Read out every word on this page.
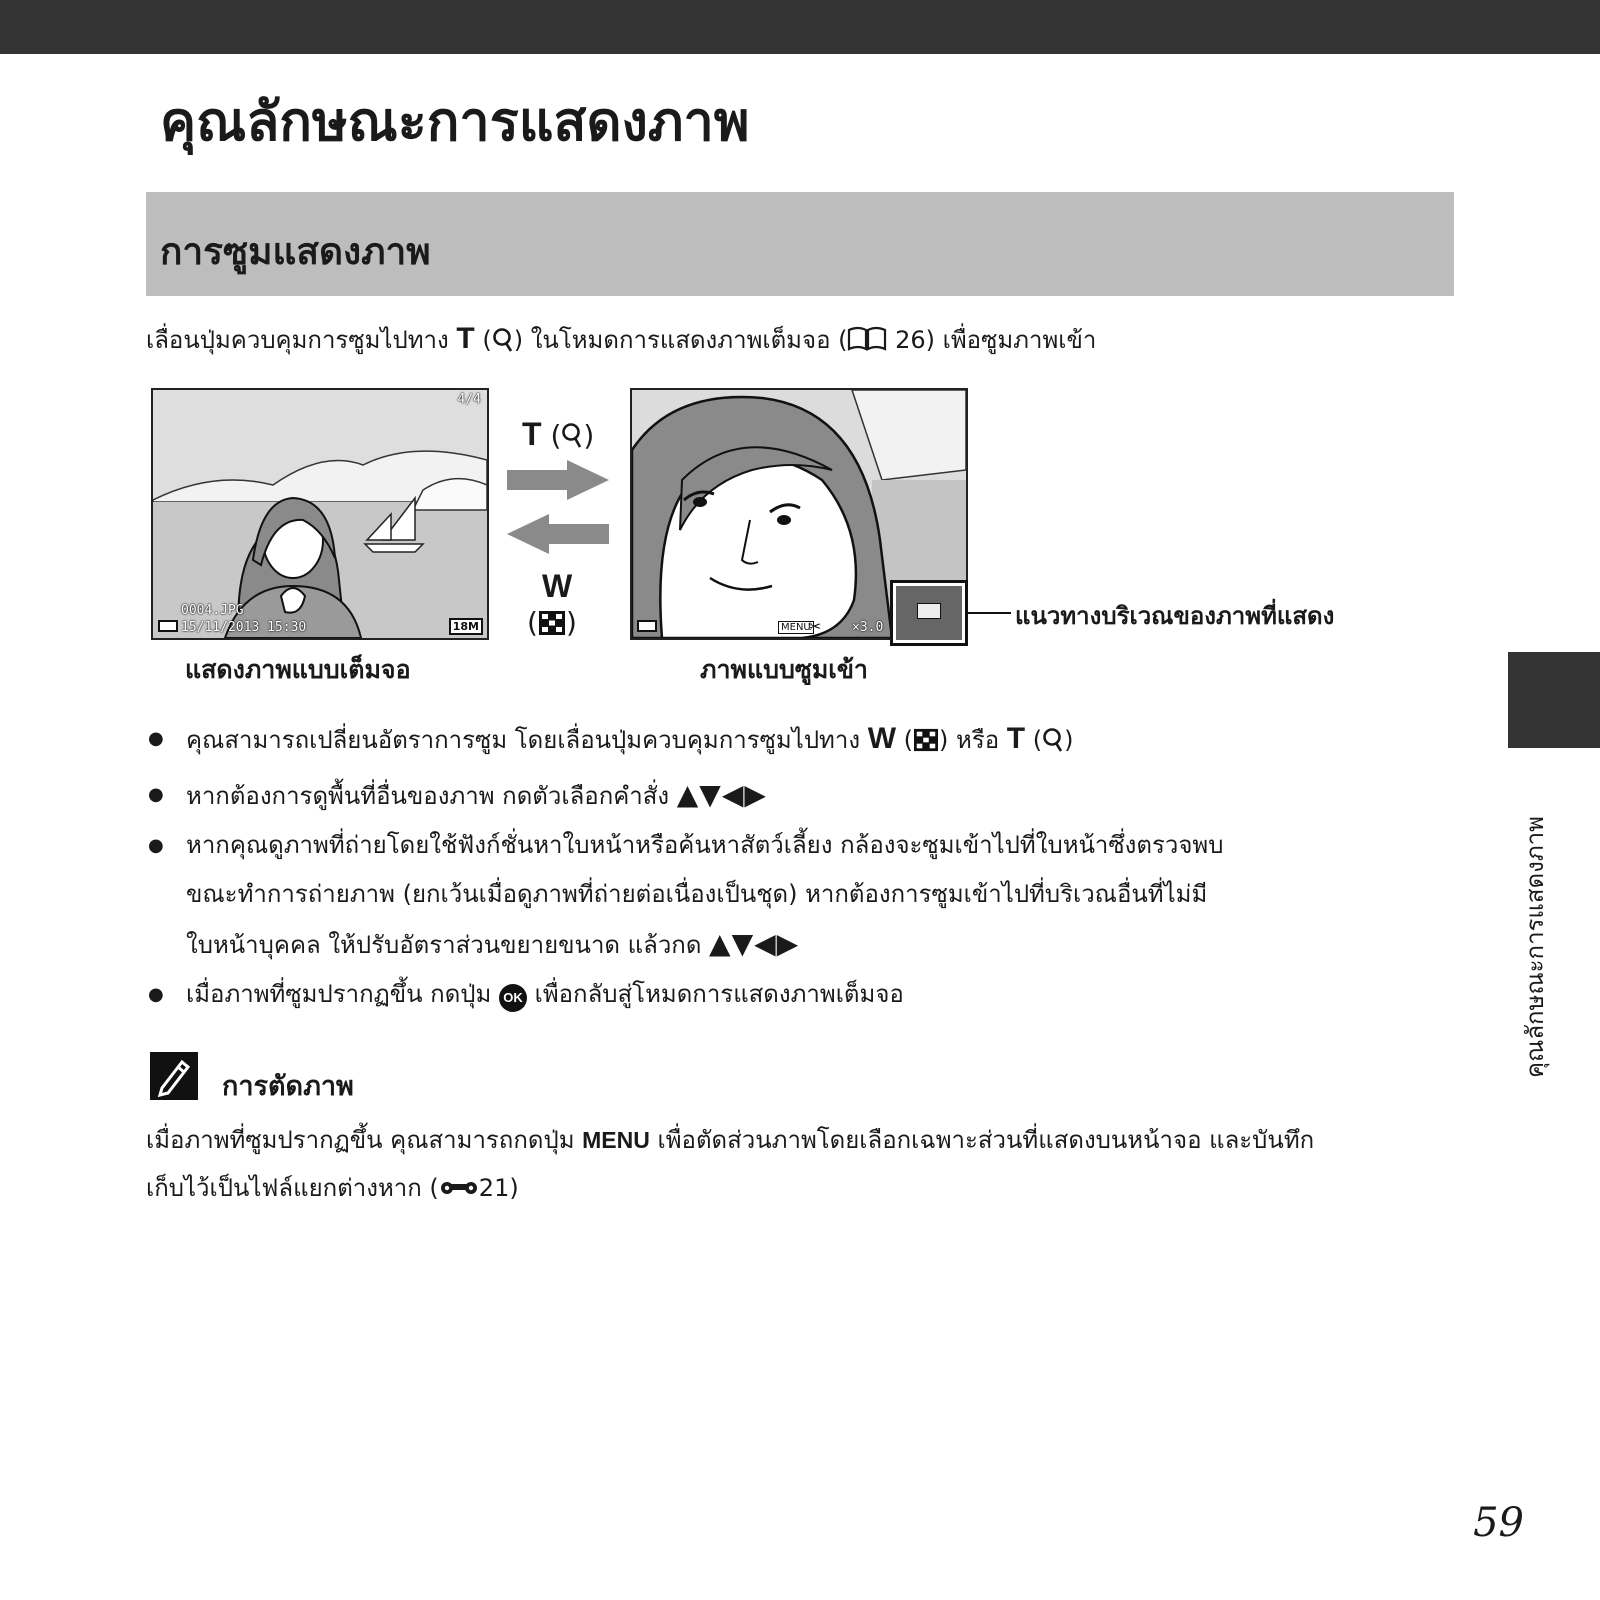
คุณลักษณะการแสดงภาพ
การซูมแสดงภาพ
เลื่อนปุ่มควบคุมการซูมไปทาง T ( ) ในโหมดการแสดงภาพเต็มจอ ( 26) เพื่อซูมภาพเข้า
4/4
0004.JPG
15/11/2013 15:30	18M
T ( )
W
( )	MENU
✂ ×3.0	แนวทางบริเวณของภาพที่แสดง
แสดงภาพแบบเต็มจอ	ภาพแบบซูมเข้า
● คุณสามารถเปลี่ยนอัตราการซูม โดยเลื่อนปุ่มควบคุมการซูมไปทาง W ( ) หรือ T ( )
● หากต้องการดูพื้นที่อื่นของภาพ กดตัวเลือกคำสั่ง ▲▼◀▶
● หากคุณดูภาพที่ถ่ายโดยใช้ฟังก์ชั่นหาใบหน้าหรือค้นหาสัตว์เลี้ยง กล้องจะซูมเข้าไปที่ใบหน้าซึ่งตรวจพบ
ขณะทำการถ่ายภาพ (ยกเว้นเมื่อดูภาพที่ถ่ายต่อเนื่องเป็นชุด) หากต้องการซูมเข้าไปที่บริเวณอื่นที่ไม่มี
ใบหน้าบุคคล ให้ปรับอัตราส่วนขยายขนาด แล้วกด ▲▼◀▶
● เมื่อภาพที่ซูมปรากฏขึ้น กดปุ่ม OK เพื่อกลับสู่โหมดการแสดงภาพเต็มจอ
การตัดภาพ
เมื่อภาพที่ซูมปรากฏขึ้น คุณสามารถกดปุ่ม MENU เพื่อตัดส่วนภาพโดยเลือกเฉพาะส่วนที่แสดงบนหน้าจอ และบันทึก
เก็บไว้เป็นไฟล์แยกต่างหาก ( 21)
คุณลักษณะการแสดงภาพ
59
